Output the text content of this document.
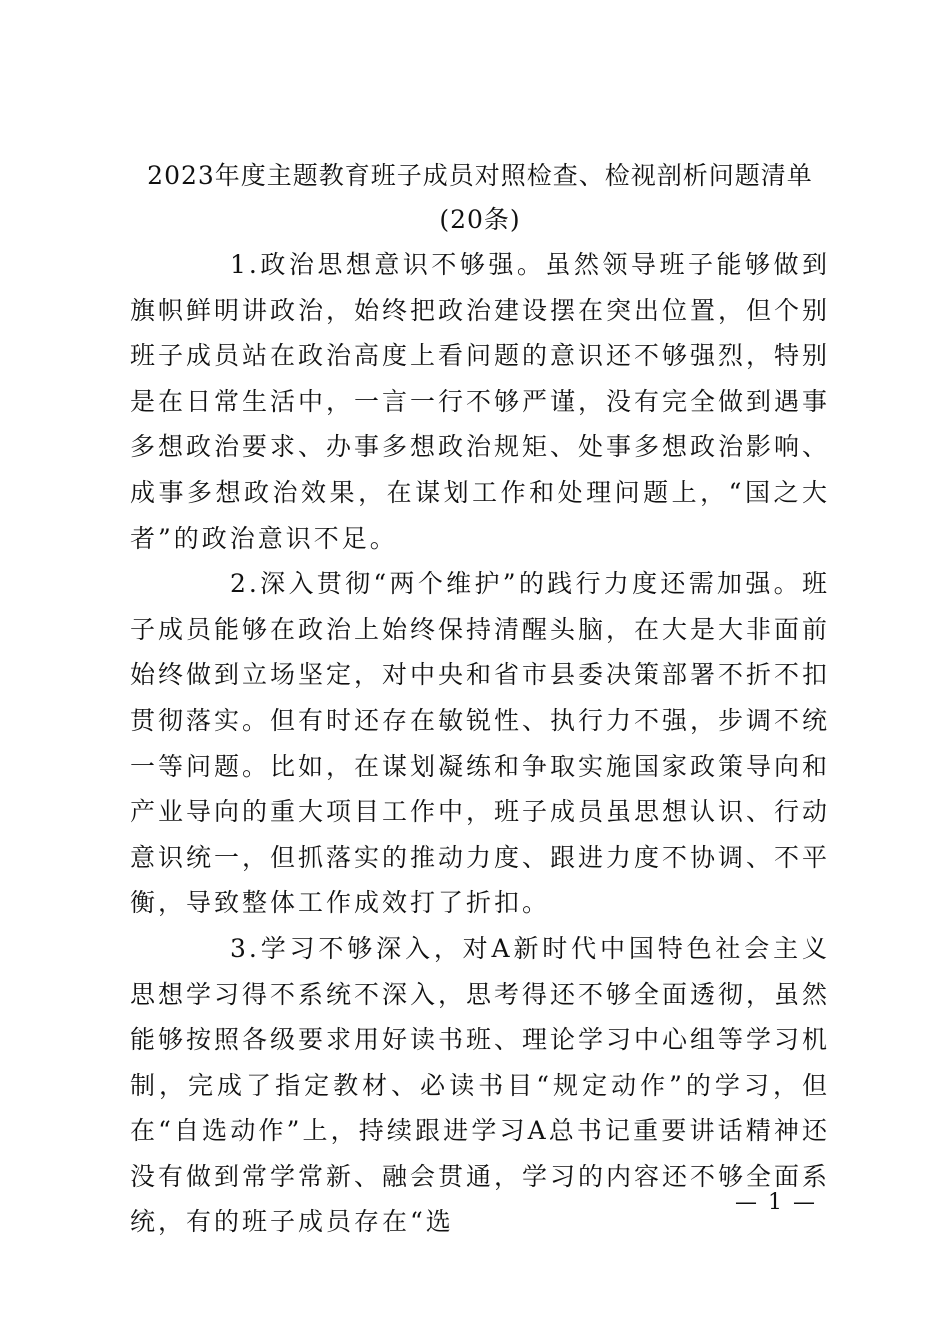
2023年度主题教育班子成员对照检查、检视剖析问题清单(20条)

1.政治思想意识不够强。虽然领导班子能够做到旗帜鲜明讲政治，始终把政治建设摆在突出位置，但个别班子成员站在政治高度上看问题的意识还不够强烈，特别是在日常生活中，一言一行不够严谨，没有完全做到遇事多想政治要求、办事多想政治规矩、处事多想政治影响、成事多想政治效果，在谋划工作和处理问题上，“国之大者”的政治意识不足。

2.深入贯彻“两个维护”的践行力度还需加强。班子成员能够在政治上始终保持清醒头脑，在大是大非面前始终做到立场坚定，对中央和省市县委决策部署不折不扣贯彻落实。但有时还存在敏锐性、执行力不强，步调不统一等问题。比如，在谋划凝练和争取实施国家政策导向和产业导向的重大项目工作中，班子成员虽思想认识、行动意识统一，但抓落实的推动力度、跟进力度不协调、不平衡，导致整体工作成效打了折扣。

3.学习不够深入，对A新时代中国特色社会主义思想学习得不系统不深入，思考得还不够全面透彻，虽然能够按照各级要求用好读书班、理论学习中心组等学习机制，完成了指定教材、必读书目“规定动作”的学习，但在“自选动作”上，持续跟进学习A总书记重要讲话精神还没有做到常学常新、融会贯通，学习的内容还不够全面系统，有的班子成员存在“选

— 1 —
